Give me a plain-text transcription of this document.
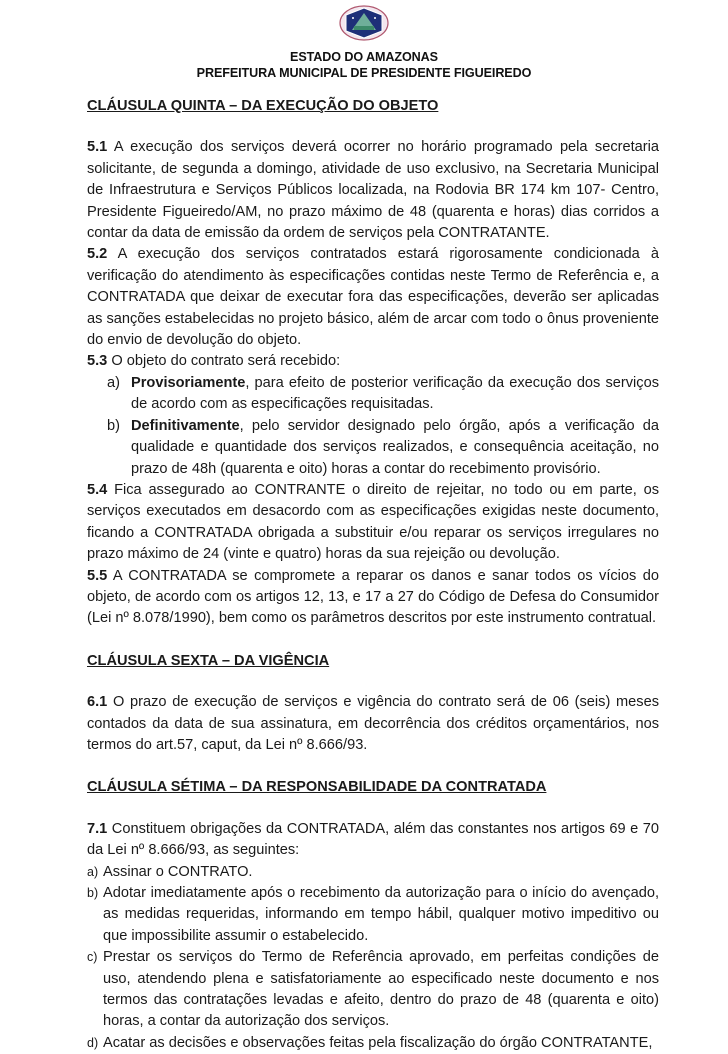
ESTADO DO AMAZONAS
PREFEITURA MUNICIPAL DE PRESIDENTE FIGUEIREDO

CLÁUSULA QUINTA – DA EXECUÇÃO DO OBJETO

5.1 A execução dos serviços deverá ocorrer no horário programado pela secretaria solicitante, de segunda a domingo, atividade de uso exclusivo, na Secretaria Municipal de Infraestrutura e Serviços Públicos localizada, na Rodovia BR 174 km 107- Centro, Presidente Figueiredo/AM, no prazo máximo de 48 (quarenta e horas) dias corridos a contar da data de emissão da ordem de serviços pela CONTRATANTE.

5.2 A execução dos serviços contratados estará rigorosamente condicionada à verificação do atendimento às especificações contidas neste Termo de Referência e, a CONTRATADA que deixar de executar fora das especificações, deverão ser aplicadas as sanções estabelecidas no projeto básico, além de arcar com todo o ônus proveniente do envio de devolução do objeto.

5.3 O objeto do contrato será recebido:

a) Provisoriamente, para efeito de posterior verificação da execução dos serviços de acordo com as especificações requisitadas.
b) Definitivamente, pelo servidor designado pelo órgão, após a verificação da qualidade e quantidade dos serviços realizados, e consequência aceitação, no prazo de 48h (quarenta e oito) horas a contar do recebimento provisório.

5.4 Fica assegurado ao CONTRANTE o direito de rejeitar, no todo ou em parte, os serviços executados em desacordo com as especificações exigidas neste documento, ficando a CONTRATADA obrigada a substituir e/ou reparar os serviços irregulares no prazo máximo de 24 (vinte e quatro) horas da sua rejeição ou devolução.

5.5 A CONTRATADA se compromete a reparar os danos e sanar todos os vícios do objeto, de acordo com os artigos 12, 13, e 17 a 27 do Código de Defesa do Consumidor (Lei nº 8.078/1990), bem como os parâmetros descritos por este instrumento contratual.

CLÁUSULA SEXTA – DA VIGÊNCIA

6.1 O prazo de execução de serviços e vigência do contrato será de 06 (seis) meses contados da data de sua assinatura, em decorrência dos créditos orçamentários, nos termos do art.57, caput, da Lei nº 8.666/93.

CLÁUSULA SÉTIMA – DA RESPONSABILIDADE DA CONTRATADA

7.1 Constituem obrigações da CONTRATADA, além das constantes nos artigos 69 e 70 da Lei nº 8.666/93, as seguintes:

a) Assinar o CONTRATO.
b) Adotar imediatamente após o recebimento da autorização para o início do avençado, as medidas requeridas, informando em tempo hábil, qualquer motivo impeditivo ou que impossibilite assumir o estabelecido.
c) Prestar os serviços do Termo de Referência aprovado, em perfeitas condições de uso, atendendo plena e satisfatoriamente ao especificado neste documento e nos termos das contratações levadas e afeito, dentro do prazo de 48 (quarenta e oito) horas, a contar da autorização dos serviços.
d) Acatar as decisões e observações feitas pela fiscalização do órgão CONTRATANTE,
